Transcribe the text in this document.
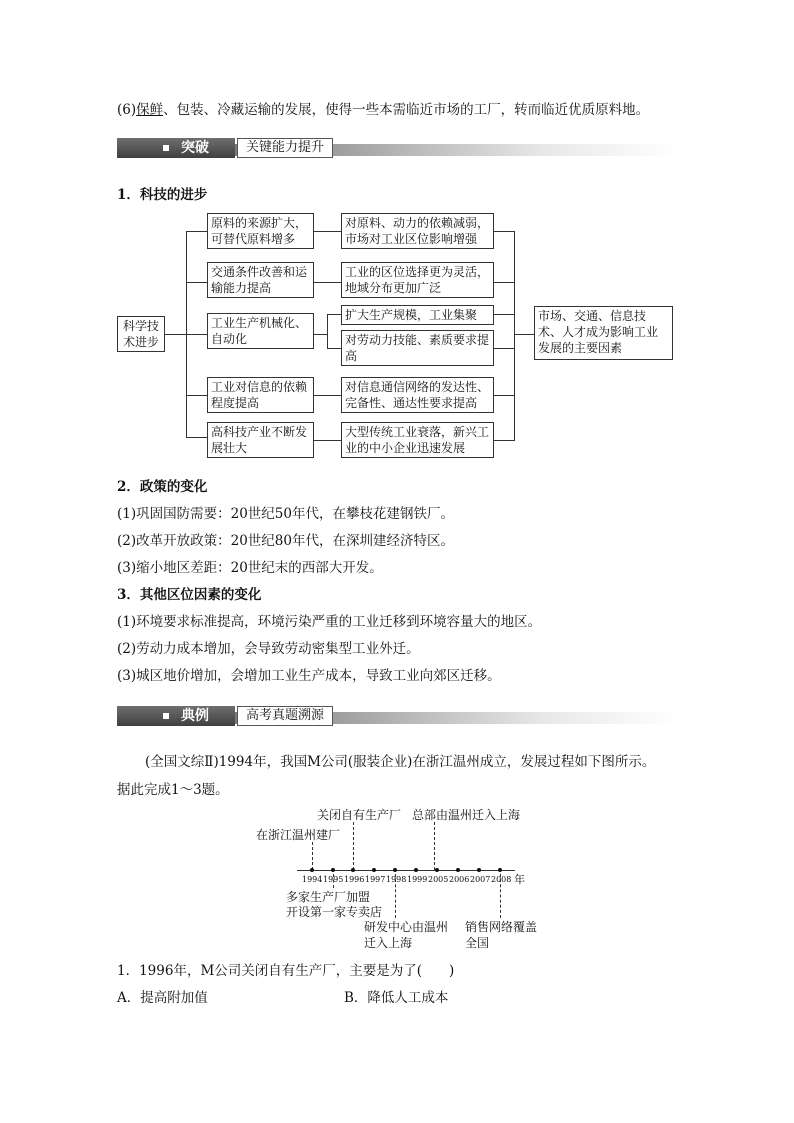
(6)保鲜、包装、冷藏运输的发展，使得一些本需临近市场的工厂，转而临近优质原料地。
突破	关键能力提升
1．科技的进步
科学技术进步
原料的来源扩大，可替代原料增多
交通条件改善和运输能力提高
工业生产机械化、自动化
工业对信息的依赖程度提高
高科技产业不断发展壮大
对原料、动力的依赖减弱，市场对工业区位影响增强
工业的区位选择更为灵活，地域分布更加广泛
扩大生产规模，工业集聚
对劳动力技能、素质要求提高
对信息通信网络的发达性、完备性、通达性要求提高
大型传统工业衰落，新兴工业的中小企业迅速发展
市场、交通、信息技术、人才成为影响工业发展的主要因素
2．政策的变化
(1)巩固国防需要：20世纪50年代，在攀枝花建钢铁厂。
(2)改革开放政策：20世纪80年代，在深圳建经济特区。
(3)缩小地区差距：20世纪末的西部大开发。
3．其他区位因素的变化
(1)环境要求标准提高，环境污染严重的工业迁移到环境容量大的地区。
(2)劳动力成本增加，会导致劳动密集型工业外迁。
(3)城区地价增加，会增加工业生产成本，导致工业向郊区迁移。
典例	高考真题溯源
(全国文综Ⅱ)1994年，我国M公司(服装企业)在浙江温州成立，发展过程如下图所示。
据此完成1～3题。
关闭自有生产厂 总部由温州迁入上海
在浙江温州建厂
1994 1995 1996 1997 1998 1999 2005 2006 2007 2008 年
多家生产厂加盟
开设第一家专卖店
研发中心由温州
迁入上海
销售网络覆盖
全国
1．1996年，M公司关闭自有生产厂，主要是为了(　　)
A．提高附加值	B．降低人工成本
